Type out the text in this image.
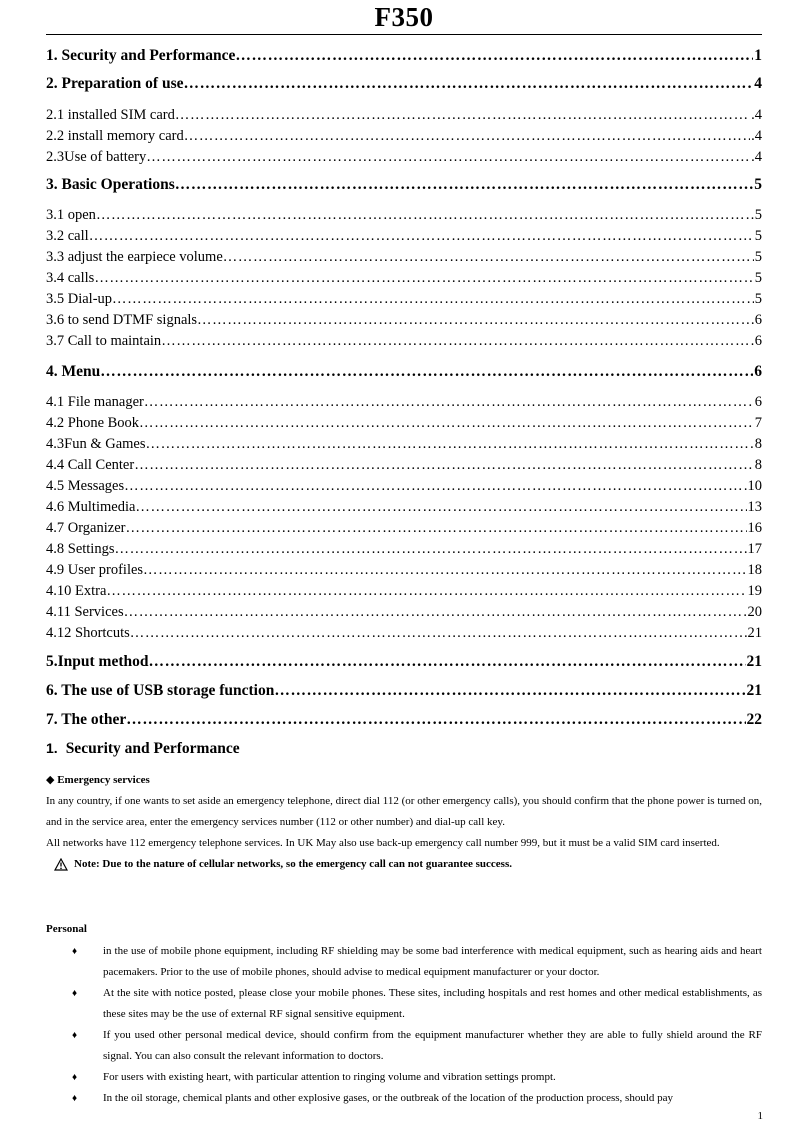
F350
1. Security and Performance ……………………………………………………………………………………………………………………………………………………………………………………	1
2. Preparation of use ……………………………………………………………………………………………………………………………………………………………………………………	4
2.1 installed SIM card ……………………………………………………………………………………………………………………………………………………………………………………	.4
2.2 install memory card ……………………………………………………………………………………………………………………………………………………………………………………	.4
2.3Use of battery ……………………………………………………………………………………………………………………………………………………………………………………	.4
3. Basic Operations ……………………………………………………………………………………………………………………………………………………………………………………	5
3.1 open ……………………………………………………………………………………………………………………………………………………………………………………	5
3.2 call ……………………………………………………………………………………………………………………………………………………………………………………	5
3.3 adjust the earpiece volume ……………………………………………………………………………………………………………………………………………………………………………………	5
3.4 calls ……………………………………………………………………………………………………………………………………………………………………………………	5
3.5 Dial-up ……………………………………………………………………………………………………………………………………………………………………………………	5
3.6 to send DTMF signals ……………………………………………………………………………………………………………………………………………………………………………………	6
3.7 Call to maintain ……………………………………………………………………………………………………………………………………………………………………………………	6
4. Menu ……………………………………………………………………………………………………………………………………………………………………………………	6
4.1 File manager ……………………………………………………………………………………………………………………………………………………………………………………	6
4.2 Phone Book ……………………………………………………………………………………………………………………………………………………………………………………	7
4.3Fun & Games ……………………………………………………………………………………………………………………………………………………………………………………	8
4.4 Call Center ……………………………………………………………………………………………………………………………………………………………………………………	8
4.5 Messages ……………………………………………………………………………………………………………………………………………………………………………………	10
4.6 Multimedia ……………………………………………………………………………………………………………………………………………………………………………………	13
4.7 Organizer ……………………………………………………………………………………………………………………………………………………………………………………	16
4.8 Settings ……………………………………………………………………………………………………………………………………………………………………………………	17
4.9 User profiles ……………………………………………………………………………………………………………………………………………………………………………………	18
4.10 Extra ……………………………………………………………………………………………………………………………………………………………………………………	19
4.11 Services ……………………………………………………………………………………………………………………………………………………………………………………	20
4.12 Shortcuts ……………………………………………………………………………………………………………………………………………………………………………………	21
5.Input method ……………………………………………………………………………………………………………………………………………………………………………………	21
6. The use of USB storage function ……………………………………………………………………………………………………………………………………………………………………………………	21
7. The other ……………………………………………………………………………………………………………………………………………………………………………………	22
1. Security and Performance
◆ Emergency services
In any country, if one wants to set aside an emergency telephone, direct dial 112 (or other emergency calls), you should confirm that the phone power is turned on, and in the service area, enter the emergency services number (112 or other number) and dial-up call key.
All networks have 112 emergency telephone services. In UK May also use back-up emergency call number 999, but it must be a valid SIM card inserted.
Note: Due to the nature of cellular networks, so the emergency call can not guarantee success.
Personal
♦	in the use of mobile phone equipment, including RF shielding may be some bad interference with medical equipment, such as hearing aids and heart pacemakers. Prior to the use of mobile phones, should advise to medical equipment manufacturer or your doctor.
♦	At the site with notice posted, please close your mobile phones. These sites, including hospitals and rest homes and other medical establishments, as these sites may be the use of external RF signal sensitive equipment.
♦	If you used other personal medical device, should confirm from the equipment manufacturer whether they are able to fully shield around the RF signal. You can also consult the relevant information to doctors.
♦	For users with existing heart, with particular attention to ringing volume and vibration settings prompt.
♦	In the oil storage, chemical plants and other explosive gases, or the outbreak of the location of the production process, should pay
1
